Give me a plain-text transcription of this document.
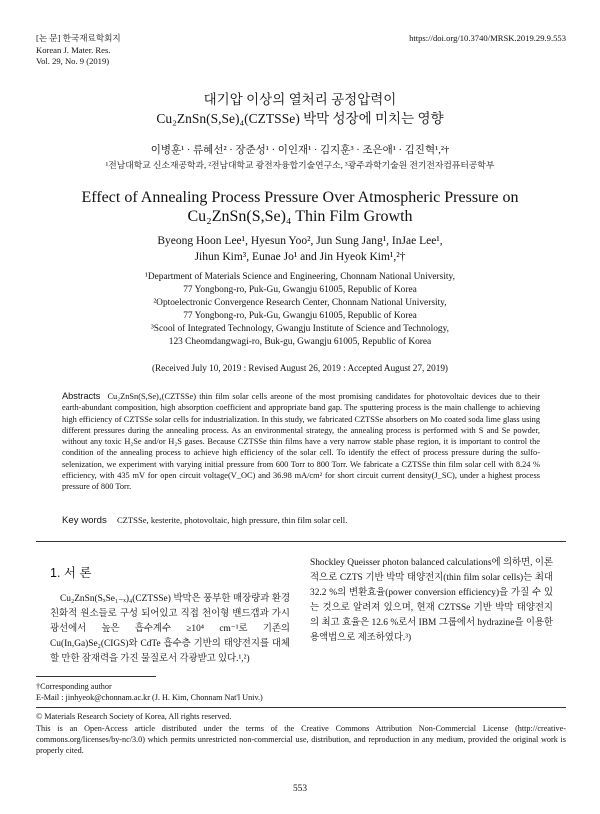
[논 문] 한국재료학회지
Korean J. Mater. Res.
Vol. 29, No. 9 (2019)
https://doi.org/10.3740/MRSK.2019.29.9.553
대기압 이상의 열처리 공정압력이
Cu₂ZnSn(S,Se)₄(CZTSSe) 박막 성장에 미치는 영향
이병훈¹ · 류혜선² · 장준성¹ · 이인재¹ · 김지훈³ · 조은애¹ · 김진혁¹,²†
¹전남대학교 신소재공학과, ²전남대학교 광전자융합기술연구소, ³광주과학기술원 전기전자컴퓨터공학부
Effect of Annealing Process Pressure Over Atmospheric Pressure on
Cu₂ZnSn(S,Se)₄ Thin Film Growth
Byeong Hoon Lee¹, Hyesun Yoo², Jun Sung Jang¹, InJae Lee¹,
Jihun Kim³, Eunae Jo¹ and Jin Hyeok Kim¹,²†
¹Department of Materials Science and Engineering, Chonnam National University,
77 Yongbong-ro, Puk-Gu, Gwangju 61005, Republic of Korea
²Optoelectronic Convergence Research Center, Chonnam National University,
77 Yongbong-ro, Puk-Gu, Gwangju 61005, Republic of Korea
³Scool of Integrated Technology, Gwangju Institute of Science and Technology,
123 Cheomdangwagi-ro, Buk-gu, Gwangju 61005, Republic of Korea
(Received July 10, 2019 : Revised August 26, 2019 : Accepted August 27, 2019)
Abstracts Cu₂ZnSn(S,Se)₄(CZTSSe) thin film solar cells areone of the most promising candidates for photovoltaic devices due to their earth-abundant composition, high absorption coefficient and appropriate band gap. The sputtering process is the main challenge to achieving high efficiency of CZTSSe solar cells for industrialization. In this study, we fabricated CZTSSe absorbers on Mo coated soda lime glass using different pressures during the annealing process. As an environmental strategy, the annealing process is performed with S and Se powder, without any toxic H₂Se and/or H₂S gases. Because CZTSSe thin films have a very narrow stable phase region, it is important to control the condition of the annealing process to achieve high efficiency of the solar cell. To identify the effect of process pressure during the sulfo-selenization, we experiment with varying initial pressure from 600 Torr to 800 Torr. We fabricate a CZTSSe thin film solar cell with 8.24 % efficiency, with 435 mV for open circuit voltage(V_OC) and 36.98 mA/cm² for short circuit current density(J_SC), under a highest process pressure of 800 Torr.
Key words CZTSSe, kesterite, photovoltaic, high pressure, thin film solar cell.
1. 서 론
Cu₂ZnSn(SₓSe₁₋ₓ)₄(CZTSSe) 박막은 풍부한 매장량과 환경 친화적 원소들로 구성 되어있고 직접 천이형 밴드갭과 가시광선에서 높은 흡수계수 ≥10⁴ cm⁻¹로 기존의 Cu(In,Ga)Se₂(CIGS)와 CdTe 흡수층 기반의 태양전지를 대체할 만한 잠재력을 가진 물질로서 각광받고 있다.¹,²)
Shockley Queisser photon balanced calculations에 의하면, 이론적으로 CZTS 기반 박막 태양전지(thin film solar cells)는 최대 32.2 %의 변환효율(power conversion efficiency)을 가질 수 있는 것으로 알려져 있으며, 현재 CZTSSe 기반 박막 태양전지의 최고 효율은 12.6 %로서 IBM 그룹에서 hydrazine을 이용한 용액법으로 제조하였다.³)
†Corresponding author
E-Mail : jinhyeok@chonnam.ac.kr (J. H. Kim, Chonnam Nat'l Univ.)
© Materials Research Society of Korea, All rights reserved.
This is an Open-Access article distributed under the terms of the Creative Commons Attribution Non-Commercial License (http://creative-commons.org/licenses/by-nc/3.0) which permits unrestricted non-commercial use, distribution, and reproduction in any medium, provided the original work is properly cited.
553
